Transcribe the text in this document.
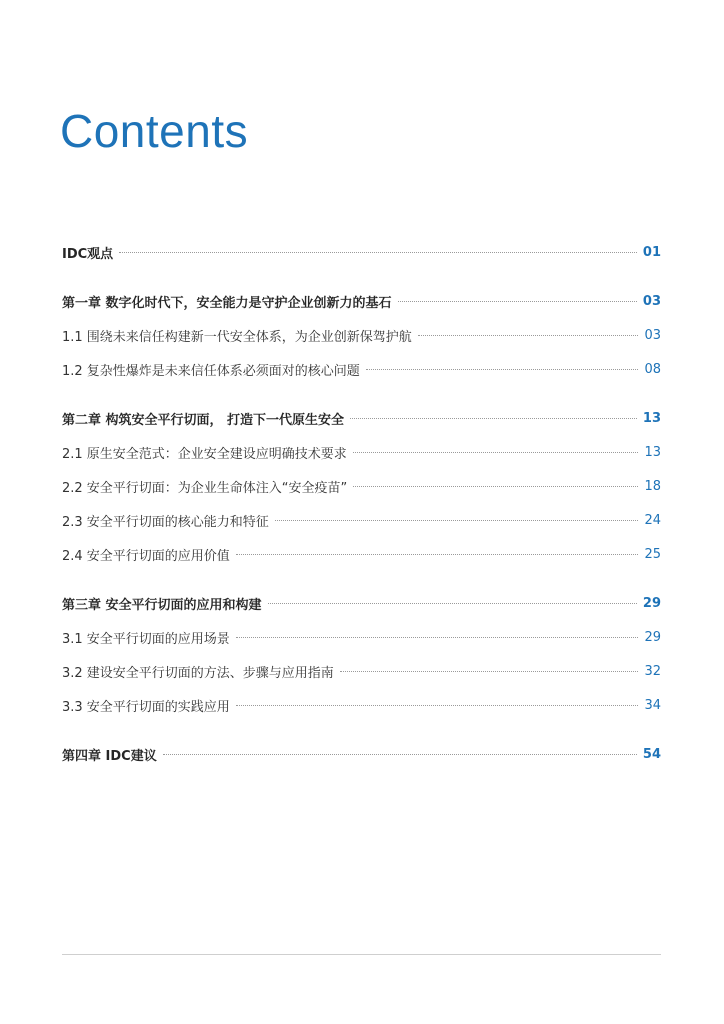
Contents
IDC观点	01
第一章 数字化时代下，安全能力是守护企业创新力的基石	03
1.1 围绕未来信任构建新一代安全体系，为企业创新保驾护航	03
1.2 复杂性爆炸是未来信任体系必须面对的核心问题	08
第二章 构筑安全平行切面， 打造下一代原生安全	13
2.1 原生安全范式：企业安全建设应明确技术要求	13
2.2 安全平行切面：为企业生命体注入“安全疫苗”	18
2.3 安全平行切面的核心能力和特征	24
2.4 安全平行切面的应用价值	25
第三章 安全平行切面的应用和构建	29
3.1 安全平行切面的应用场景	29
3.2 建设安全平行切面的方法、步骤与应用指南	32
3.3 安全平行切面的实践应用	34
第四章 IDC建议	54
